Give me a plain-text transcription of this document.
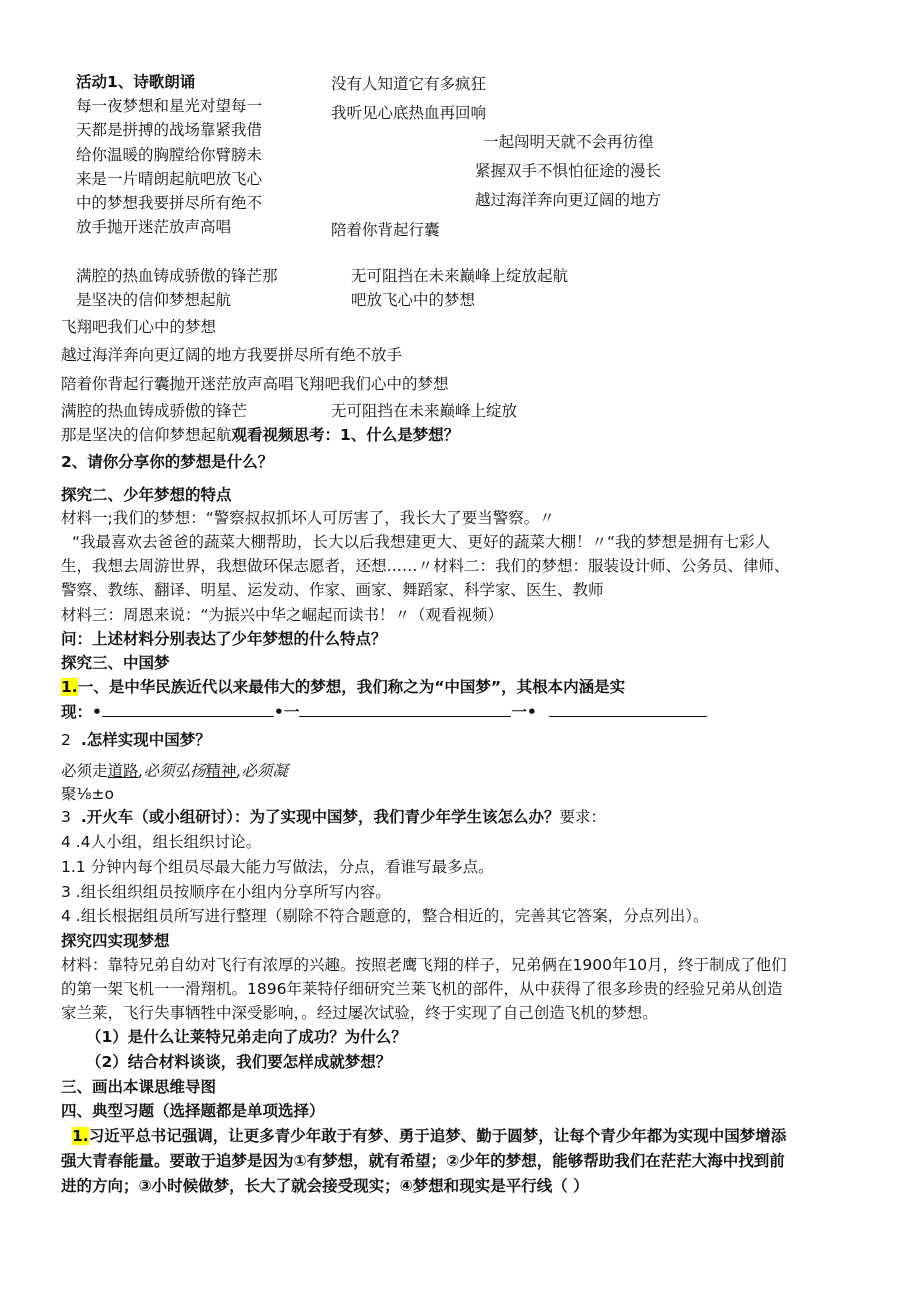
活动1、诗歌朗诵
每一夜梦想和星光对望每一
天都是拼搏的战场靠紧我借
给你温暖的胸膛给你臂膀未
来是一片晴朗起航吧放飞心
中的梦想我要拼尽所有绝不
放手抛开迷茫放声高唱
没有人知道它有多疯狂
我听见心底热血再回响
一起闯明天就不会再彷徨
紧握双手不惧怕征途的漫长
越过海洋奔向更辽阔的地方
陪着你背起行囊
满腔的热血铸成骄傲的锋芒那
是坚决的信仰梦想起航
无可阻挡在未来巅峰上绽放起航
吧放飞心中的梦想
飞翔吧我们心中的梦想
越过海洋奔向更辽阔的地方我要拼尽所有绝不放手
陪着你背起行囊抛开迷茫放声高唱飞翔吧我们心中的梦想
满腔的热血铸成骄傲的锋芒	无可阻挡在未来巅峰上绽放
那是坚决的信仰梦想起航观看视频思考：1、什么是梦想？
2、请你分享你的梦想是什么？
探究二、少年梦想的特点
材料一;我们的梦想：“警察叔叔抓坏人可厉害了，我长大了要当警察。〃
“我最喜欢去爸爸的蔬菜大棚帮助，长大以后我想建更大、更好的蔬菜大棚！〃“我的梦想是拥有七彩人
生，我想去周游世界，我想做环保志愿者，还想……〃材料二：我们的梦想：服装设计师、公务员、律师、
警察、教练、翻译、明星、运发动、作家、画家、舞蹈家、科学家、医生、教师
材料三：周恩来说：“为振兴中华之崛起而读书！〃（观看视频）
问：上述材料分别表达了少年梦想的什么特点？
探究三、中国梦
1.一、是中华民族近代以来最伟大的梦想，我们称之为“中国梦”，其根本内涵是实
现：•	•一	一•
2 .怎样实现中国梦？
必须走道路,必须弘扬精神,必须凝
聚⅛±o
3 .开火车（或小组研讨）：为了实现中国梦，我们青少年学生该怎么办？要求：
4 .4人小组，组长组织讨论。
1.1 分钟内每个组员尽最大能力写做法，分点，看谁写最多点。
3 .组长组织组员按顺序在小组内分享所写内容。
4 .组长根据组员所写进行整理（剔除不符合题意的，整合相近的，完善其它答案，分点列出）。
探究四实现梦想
材料：靠特兄弟自幼对飞行有浓厚的兴趣。按照老鹰飞翔的样子，兄弟俩在1900年10月，终于制成了他们
的第一架飞机一一滑翔机。1896年莱特仔细研究兰莱飞机的部件，从中获得了很多珍贵的经验兄弟从创造
家兰莱，飞行失事牺牲中深受影响，。经过屡次试验，终于实现了自己创造飞机的梦想。
（1）是什么让莱特兄弟走向了成功？为什么？
（2）结合材料谈谈，我们要怎样成就梦想？
三、画出本课思维导图
四、典型习题（选择题都是单项选择）
1.习近平总书记强调，让更多青少年敢于有梦、勇于追梦、勤于圆梦，让每个青少年都为实现中国梦增添
强大青春能量。要敢于追梦是因为①有梦想，就有希望；②少年的梦想，能够帮助我们在茫茫大海中找到前
进的方向；③小时候做梦，长大了就会接受现实；④梦想和现实是平行线（ ）
